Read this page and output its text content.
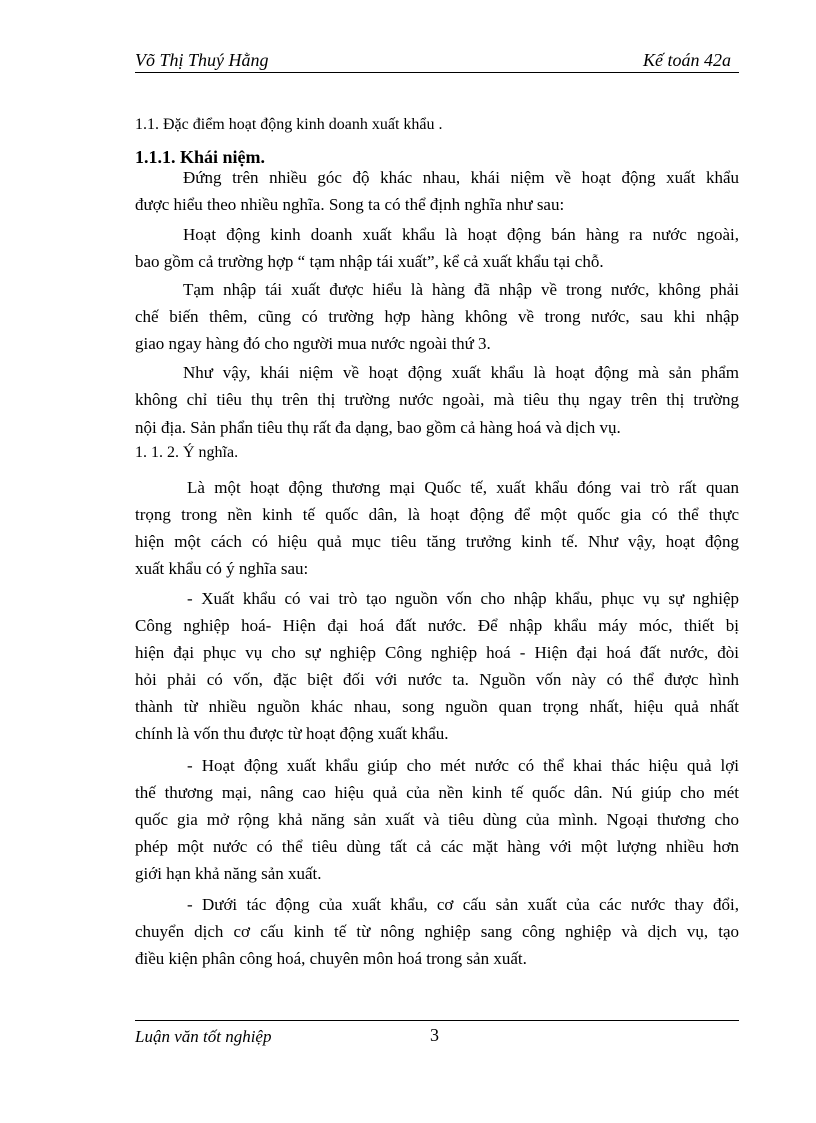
Võ Thị Thuý Hằng	Kế toán 42a
1.1. Đặc điểm hoạt động kinh doanh xuất khẩu .
1.1.1. Khái niệm.
Đứng trên nhiều góc độ khác nhau, khái niệm về hoạt động xuất khẩu
được hiểu theo nhiều nghĩa. Song ta có thể định nghĩa như sau:
Hoạt động kinh doanh xuất khẩu là hoạt động bán hàng ra nước ngoài,
bao gồm cả trường hợp “ tạm nhập tái xuất”, kể cả xuất khẩu tại chỗ.
Tạm nhập tái xuất được hiểu là hàng đã nhập về trong nước, không phải
chế biến thêm, cũng có trường hợp hàng không về trong nước, sau khi nhập
giao ngay hàng đó cho người mua nước ngoài thứ 3.
Như vậy, khái niệm về hoạt động xuất khẩu là hoạt động mà sản phẩm
không chỉ tiêu thụ trên thị trường nước ngoài, mà tiêu thụ ngay trên thị trường
nội địa. Sản phẩn tiêu thụ rất đa dạng, bao gồm cả hàng hoá và dịch vụ.
1. 1. 2. Ý nghĩa.
Là một hoạt động thương mại Quốc tế, xuất khẩu đóng vai trò rất quan
trọng trong nền kinh tế quốc dân, là hoạt động để một quốc gia có thể thực
hiện một cách có hiệu quả mục tiêu tăng trưởng kinh tế. Như vậy, hoạt động
xuất khẩu có ý nghĩa sau:
- Xuất khẩu có vai trò tạo nguồn vốn cho nhập khẩu, phục vụ sự nghiệp
Công nghiệp hoá- Hiện đại hoá đất nước. Để nhập khẩu máy móc, thiết bị
hiện đại phục vụ cho sự nghiệp Công nghiệp hoá - Hiện đại hoá đất nước, đòi
hỏi phải có vốn, đặc biệt đối với nước ta. Nguồn vốn này có thể được hình
thành từ nhiều nguồn khác nhau, song nguồn quan trọng nhất, hiệu quả nhất
chính là vốn thu được từ hoạt động xuất khẩu.
- Hoạt động xuất khẩu giúp cho mét nước có thể khai thác hiệu quả lợi
thế thương mại, nâng cao hiệu quả của nền kinh tế quốc dân. Nú giúp cho mét
quốc gia mở rộng khả năng sản xuất và tiêu dùng của mình. Ngoại thương cho
phép một nước có thể tiêu dùng tất cả các mặt hàng với một lượng nhiều hơn
giới hạn khả năng sản xuất.
- Dưới tác động của xuất khẩu, cơ cấu sản xuất của các nước thay đổi,
chuyển dịch cơ cấu kinh tế từ nông nghiệp sang công nghiệp và dịch vụ, tạo
điều kiện phân công hoá, chuyên môn hoá trong sản xuất.
Luận văn tốt nghiệp	3
